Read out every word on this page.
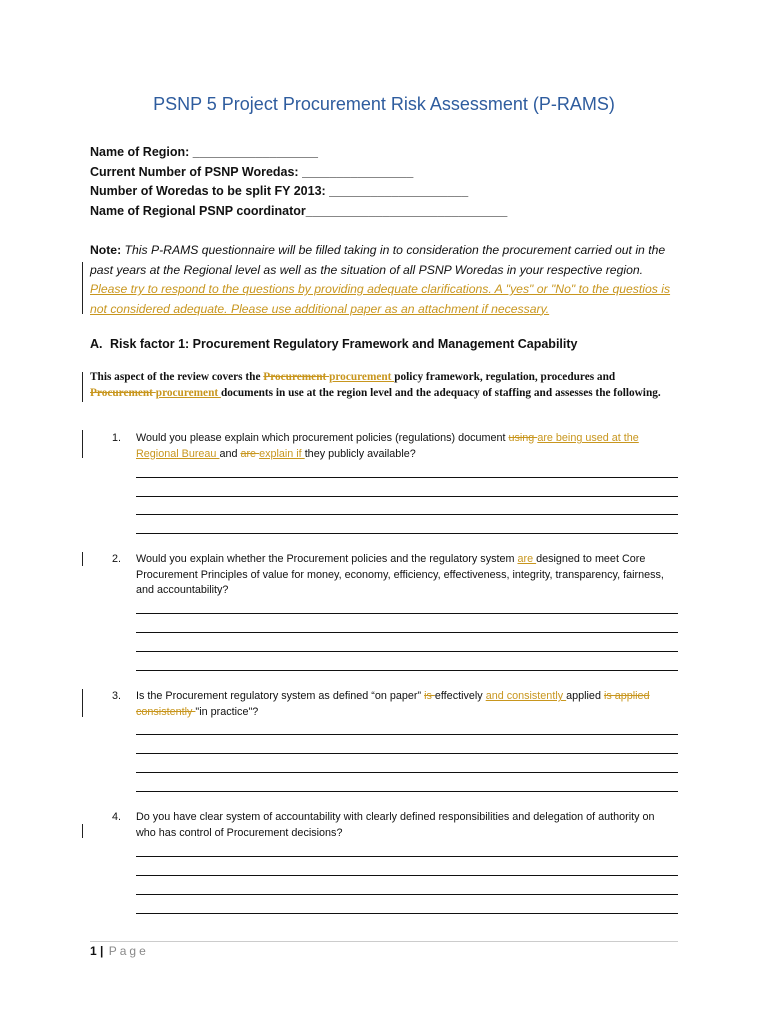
PSNP 5 Project Procurement Risk Assessment (P-RAMS)
Name of Region: __________________
Current Number of PSNP Woredas: ________________
Number of Woredas to be split FY 2013: ____________________
Name of Regional PSNP coordinator_____________________________
Note: This P-RAMS questionnaire will be filled taking in to consideration the procurement carried out in the past years at the Regional level as well as the situation of all PSNP Woredas in your respective region. Please try to respond to the questions by providing adequate clarifications. A "yes" or "No" to the questios is not considered adequate. Please use additional paper as an attachment if necessary.
A. Risk factor 1: Procurement Regulatory Framework and Management Capability
This aspect of the review covers the Procurement procurement policy framework, regulation, procedures and Procurement procurement documents in use at the region level and the adequacy of staffing and assesses the following.
1. Would you please explain which procurement policies (regulations) document using are being used at the Regional Bureau and are explain if they publicly available?
2. Would you explain whether the Procurement policies and the regulatory system are designed to meet Core Procurement Principles of value for money, economy, efficiency, effectiveness, integrity, transparency, fairness, and accountability?
3. Is the Procurement regulatory system as defined “on paper” is effectively and consistently applied is applied consistently "in practice"?
4. Do you have clear system of accountability with clearly defined responsibilities and delegation of authority on who has control of Procurement decisions?
1 | Page
